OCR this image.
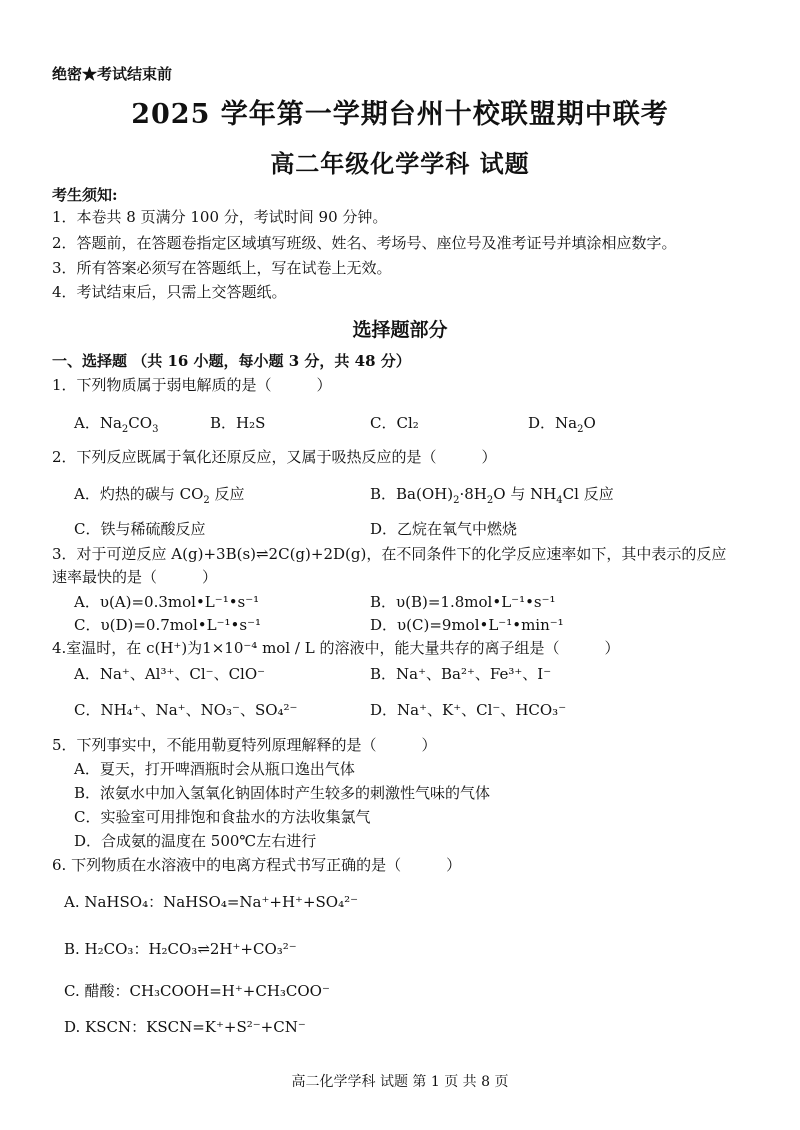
绝密★考试结束前
2025 学年第一学期台州十校联盟期中联考
高二年级化学学科 试题
考生须知:
1．本卷共 8 页满分 100 分，考试时间 90 分钟。
2．答题前，在答题卷指定区域填写班级、姓名、考场号、座位号及准考证号并填涂相应数字。
3．所有答案必须写在答题纸上，写在试卷上无效。
4．考试结束后，只需上交答题纸。
选择题部分
一、选择题 （共 16 小题，每小题 3 分，共 48 分）
1．下列物质属于弱电解质的是（　　　）
A．$Na_2CO_3$	B．H₂S	C．Cl₂	D．$Na_2O$
2．下列反应既属于氧化还原反应，又属于吸热反应的是（　　　）
A．灼热的碳与 $CO_2$ 反应	B．$Ba(OH)_2\cdot 8H_2O$ 与 $NH_4Cl$ 反应
C．铁与稀硫酸反应	D．乙烷在氧气中燃烧
3．对于可逆反应 A(g)+3B(s)⇌2C(g)+2D(g)，在不同条件下的化学反应速率如下，其中表示的反应
速率最快的是（　　　）
A．υ(A)=0.3mol•L⁻¹•s⁻¹	B．υ(B)=1.8mol•L⁻¹•s⁻¹
C．υ(D)=0.7mol•L⁻¹•s⁻¹	D．υ(C)=9mol•L⁻¹•min⁻¹
4.室温时，在 c(H⁺)为1×10⁻⁴ mol / L 的溶液中，能大量共存的离子组是（　　　）
A．Na⁺、Al³⁺、Cl⁻、ClO⁻	B．Na⁺、Ba²⁺、Fe³⁺、I⁻
C．NH₄⁺、Na⁺、NO₃⁻、SO₄²⁻	D．Na⁺、K⁺、Cl⁻、HCO₃⁻
5．下列事实中，不能用勒夏特列原理解释的是（　　　）
A．夏天，打开啤酒瓶时会从瓶口逸出气体
B．浓氨水中加入氢氧化钠固体时产生较多的刺激性气味的气体
C．实验室可用排饱和食盐水的方法收集氯气
D．合成氨的温度在 500℃左右进行
6. 下列物质在水溶液中的电离方程式书写正确的是（　　　）
A. NaHSO₄：NaHSO₄=Na⁺+H⁺+SO₄²⁻
B. H₂CO₃：H₂CO₃⇌2H⁺+CO₃²⁻
C. 醋酸：CH₃COOH=H⁺+CH₃COO⁻
D. KSCN：KSCN=K⁺+S²⁻+CN⁻
高二化学学科 试题 第 1 页 共 8 页
